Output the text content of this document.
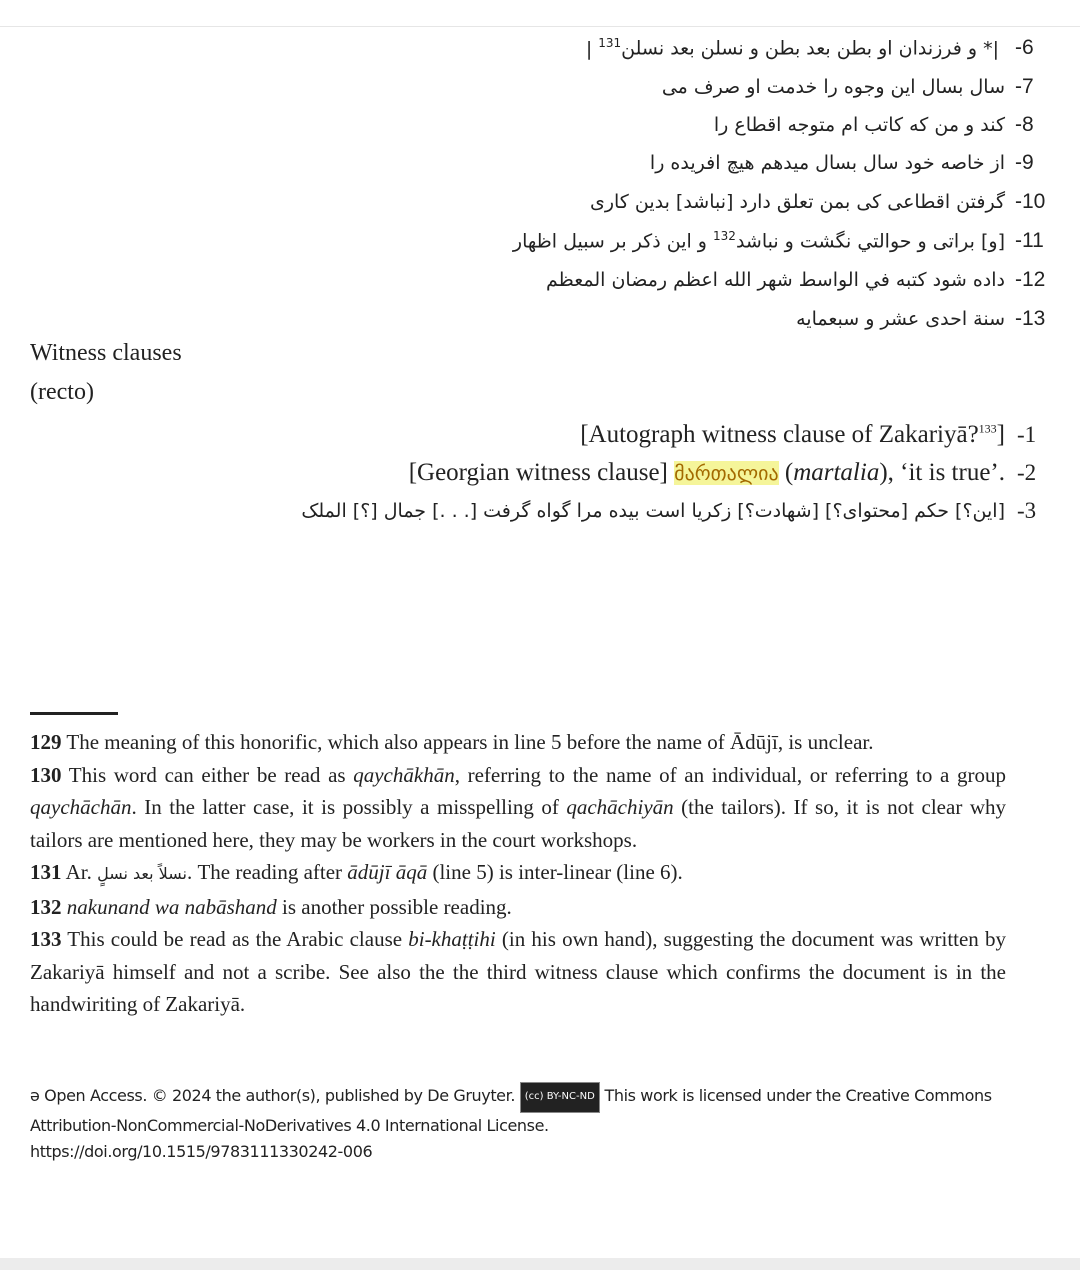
|*و فرزندان او بطن بعد بطن و نسلن بعد نسلن$^{131}$|	-6
سال بسال این وجوه را خدمت او صرف می -7
كند و من كه كاتب ام متوجه اقطاع را -8
از خاصه خود سال بسال میدهم هیچ افریده را -9
گرفتن اقطاعی کی بمن تعلق دارد [نباشد] بدین کاری -10
[و] براتی و حوالتي نگشت و نباشد$^{132}$ و این ذکر بر سبیل اظهار	-11
داده شود کتبه في الواسط شهر الله اعظم رمضان المعظم -12
سنة احدى عشر و سبعمایه -13
Witness clauses
(recto)
[Autograph witness clause of Zakariyā?$^{133}$] -1
[Georgian witness clause] მართალია (martalia), ‘it is true’. -2
[این؟] حکم [محتوای؟] [شهادت؟] زکریا است بیده مرا گواه گرفت [. . .] جمال [؟] الملک -3

129 The meaning of this honorific, which also appears in line 5 before the name of Ādūjī, is unclear.

130 This word can either be read as qaychākhān, referring to the name of an individual, or referring to a group qaychāchān. In the latter case, it is possibly a misspelling of qachāchiyān (the tailors). If so, it is not clear why tailors are mentioned here, they may be workers in the court workshops.

131 Ar. نسلاً بعد نسلٍ. The reading after ādūjī āqā (line 5) is inter-linear (line 6).

132 nakunand wa nabāshand is another possible reading.

133 This could be read as the Arabic clause bi-khaṭṭihi (in his own hand), suggesting the document was written by Zakariyā himself and not a scribe. See also the the third witness clause which confirms the document is in the handwiriting of Zakariyā.

ə Open Access. © 2024 the author(s), published by De Gruyter. (cc) BY-NC-ND This work is licensed under the Creative Commons Attribution-NonCommercial-NoDerivatives 4.0 International License.
https://doi.org/10.1515/9783111330242-006
